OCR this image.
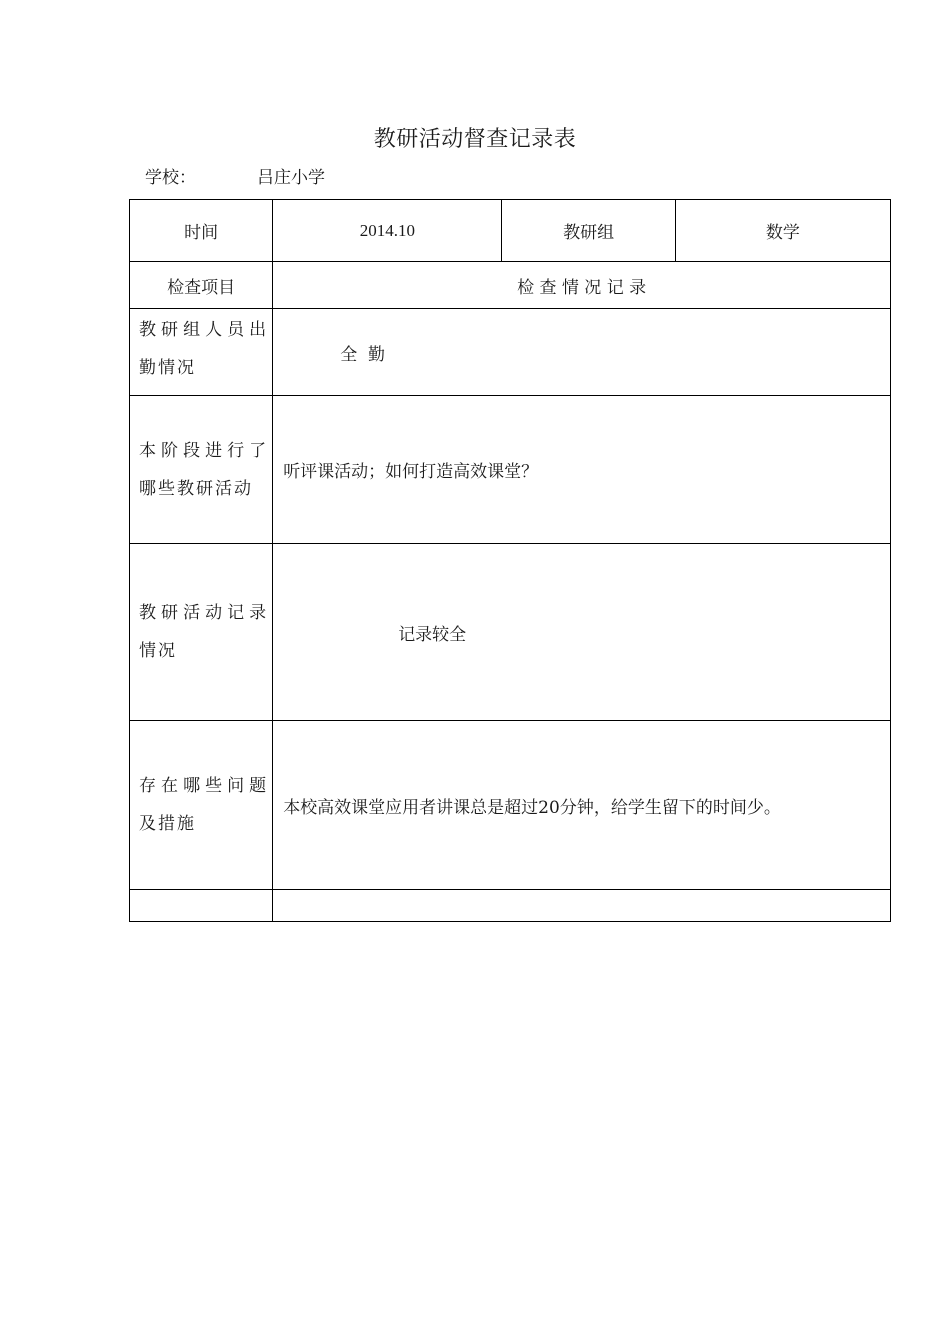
教研活动督查记录表
学校：	吕庄小学
时间	2014.10	教研组	数学
检查项目	检 查 情 况 记 录		
教研组人员出勤情况	全  勤		
本阶段进行了哪些教研活动	听评课活动；如何打造高效课堂？		
教研活动记录情况	记录较全		
存在哪些问题及措施	本校高效课堂应用者讲课总是超过20分钟，给学生留下的时间少。		
